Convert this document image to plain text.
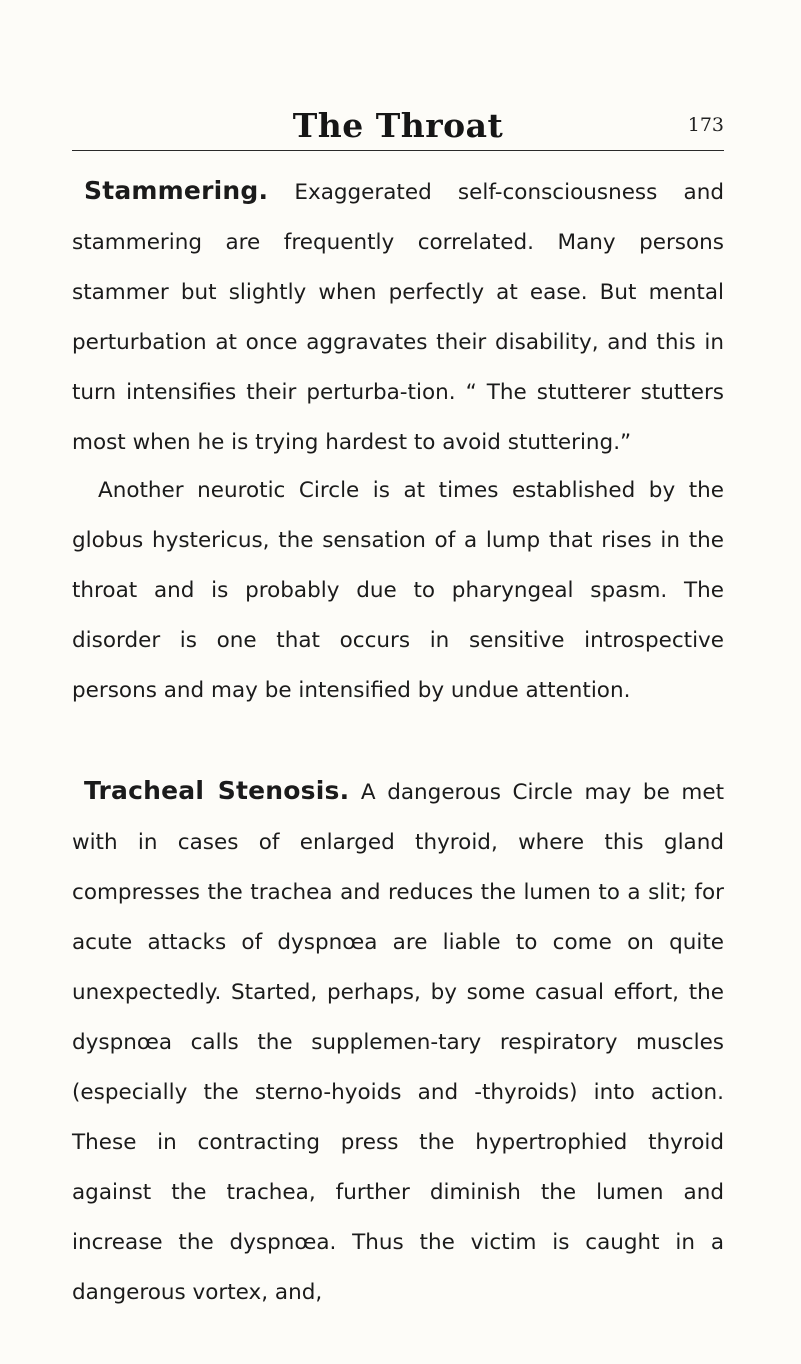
The Throat	173

Stammering. Exaggerated self-consciousness and stammering are frequently correlated. Many persons stammer but slightly when perfectly at ease. But mental perturbation at once aggravates their disability, and this in turn intensifies their perturba-tion. “ The stutterer stutters most when he is trying hardest to avoid stuttering.”

Another neurotic Circle is at times established by the globus hystericus, the sensation of a lump that rises in the throat and is probably due to pharyngeal spasm. The disorder is one that occurs in sensitive introspective persons and may be intensified by undue attention.

Tracheal Stenosis. A dangerous Circle may be met with in cases of enlarged thyroid, where this gland compresses the trachea and reduces the lumen to a slit; for acute attacks of dyspnœa are liable to come on quite unexpectedly. Started, perhaps, by some casual effort, the dyspnœa calls the supplemen-tary respiratory muscles (especially the sterno-hyoids and -thyroids) into action. These in contracting press the hypertrophied thyroid against the trachea, further diminish the lumen and increase the dyspnœa. Thus the victim is caught in a dangerous vortex, and,
